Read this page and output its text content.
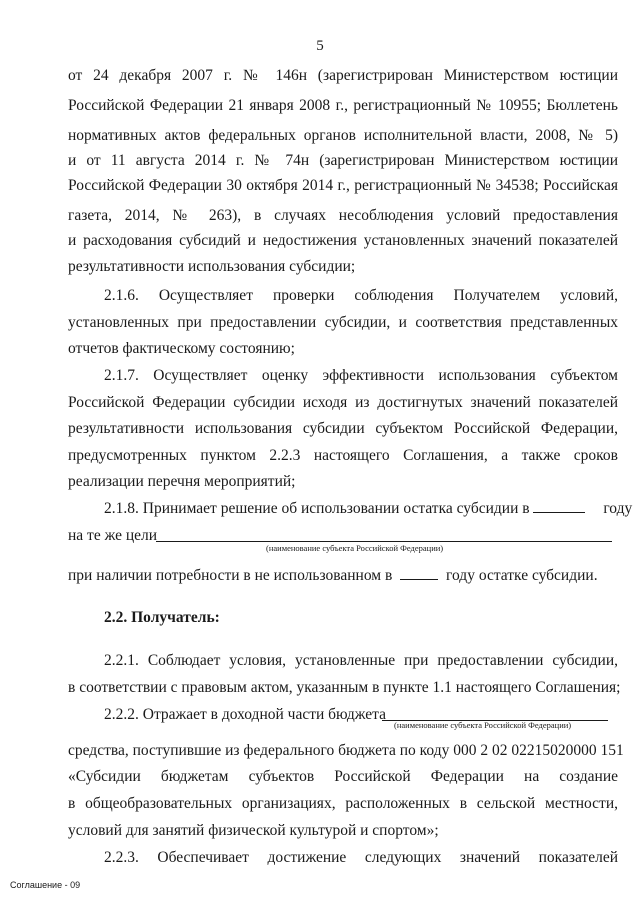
5
от 24 декабря 2007 г. № 146н (зарегистрирован Министерством юстиции
Российской Федерации 21 января 2008 г., регистрационный № 10955; Бюллетень
нормативных актов федеральных органов исполнительной власти, 2008, № 5)
и от 11 августа 2014 г. № 74н (зарегистрирован Министерством юстиции
Российской Федерации 30 октября 2014 г., регистрационный № 34538; Российская
газета, 2014, № 263), в случаях несоблюдения условий предоставления
и расходования субсидий и недостижения установленных значений показателей
результативности использования субсидии;
2.1.6. Осуществляет проверки соблюдения Получателем условий,
установленных при предоставлении субсидии, и соответствия представленных
отчетов фактическому состоянию;
2.1.7. Осуществляет оценку эффективности использования субъектом
Российской Федерации субсидии исходя из достигнутых значений показателей
результативности использования субсидии субъектом Российской Федерации,
предусмотренных пунктом 2.2.3 настоящего Соглашения, а также сроков
реализации перечня мероприятий;
2.1.8. Принимает решение об использовании остатка субсидии в	году
на те же цели
(наименование субъекта Российской Федерации)
при наличии потребности в не использованном в	году остатке субсидии.
2.2. Получатель:
2.2.1. Соблюдает условия, установленные при предоставлении субсидии,
в соответствии с правовым актом, указанным в пункте 1.1 настоящего Соглашения;
2.2.2. Отражает в доходной части бюджета
(наименование субъекта Российской Федерации)
средства, поступившие из федерального бюджета по коду 000 2 02 02215020000 151
«Субсидии бюджетам субъектов Российской Федерации на создание
в общеобразовательных организациях, расположенных в сельской местности,
условий для занятий физической культурой и спортом»;
2.2.3. Обеспечивает достижение следующих значений показателей
Соглашение - 09
